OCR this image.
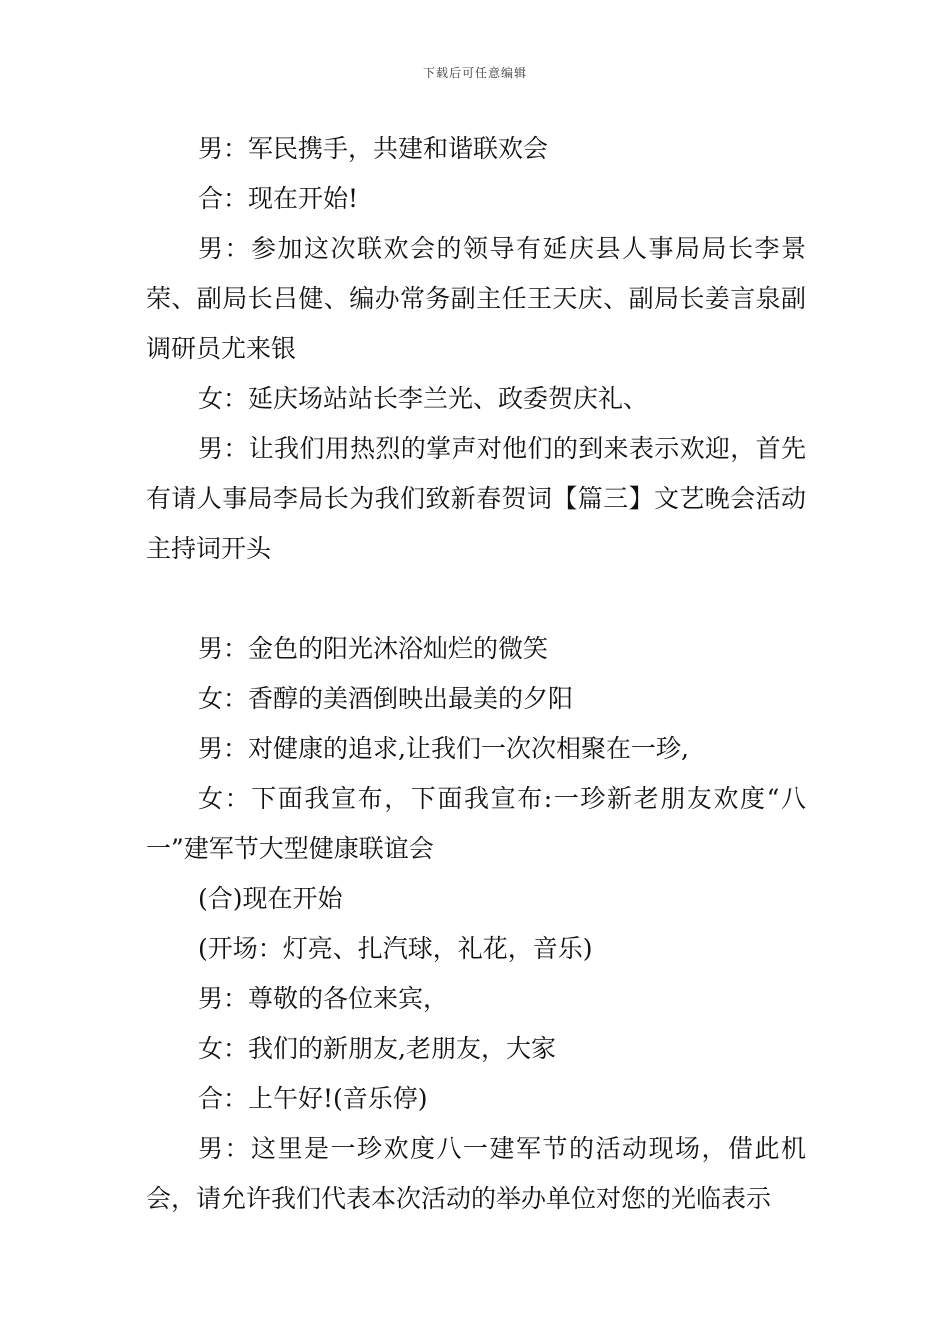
下载后可任意编辑

男：军民携手，共建和谐联欢会

合：现在开始!

男：参加这次联欢会的领导有延庆县人事局局长李景荣、副局长吕健、编办常务副主任王天庆、副局长姜言泉副调研员尤来银

女：延庆场站站长李兰光、政委贺庆礼、

男：让我们用热烈的掌声对他们的到来表示欢迎，首先有请人事局李局长为我们致新春贺词【篇三】文艺晚会活动主持词开头

男：金色的阳光沐浴灿烂的微笑

女：香醇的美酒倒映出最美的夕阳

男：对健康的追求,让我们一次次相聚在一珍,

女：下面我宣布，下面我宣布:一珍新老朋友欢度“八一”建军节大型健康联谊会

(合)现在开始

(开场：灯亮、扎汽球，礼花，音乐)

男：尊敬的各位来宾，

女：我们的新朋友,老朋友，大家

合：上午好!(音乐停)

男：这里是一珍欢度八一建军节的活动现场，借此机会，请允许我们代表本次活动的举办单位对您的光临表示
